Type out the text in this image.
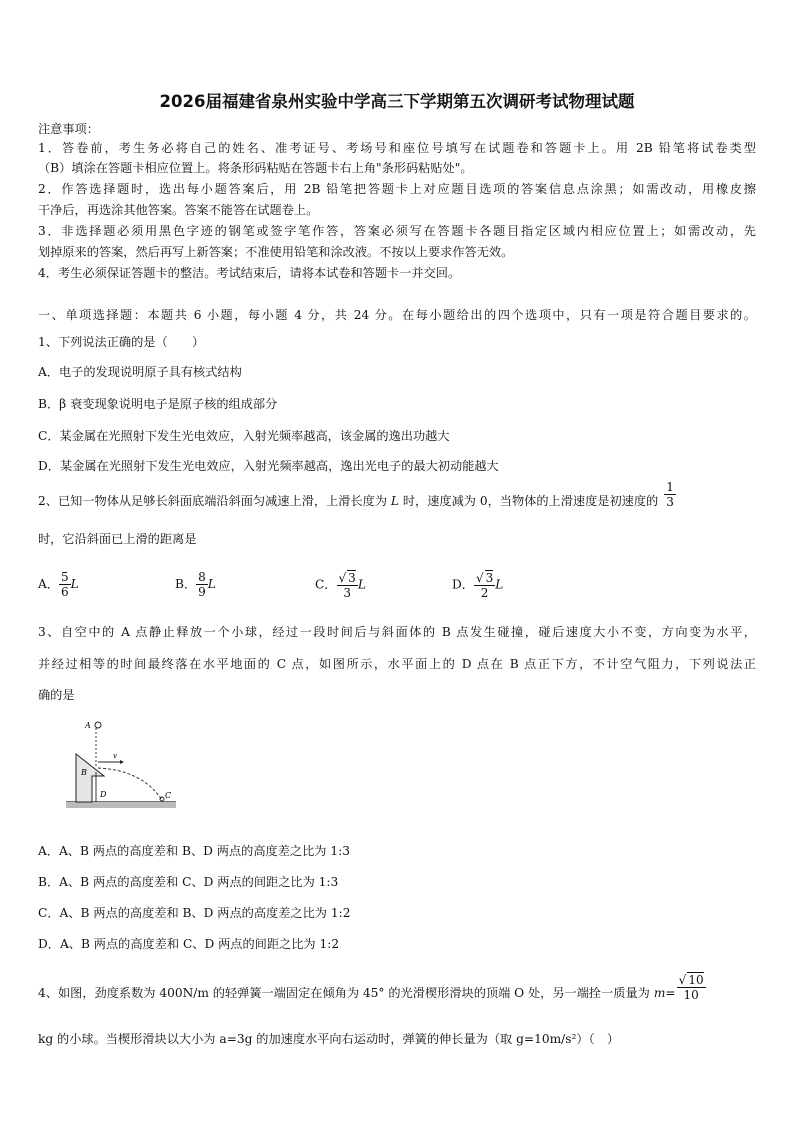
2026届福建省泉州实验中学高三下学期第五次调研考试物理试题
注意事项：
1．答卷前，考生务必将自己的姓名、准考证号、考场号和座位号填写在试题卷和答题卡上。用 2B 铅笔将试卷类型
（B）填涂在答题卡相应位置上。将条形码粘贴在答题卡右上角"条形码粘贴处"。
2．作答选择题时，选出每小题答案后，用 2B 铅笔把答题卡上对应题目选项的答案信息点涂黑；如需改动，用橡皮擦
干净后，再选涂其他答案。答案不能答在试题卷上。
3．非选择题必须用黑色字迹的钢笔或签字笔作答，答案必须写在答题卡各题目指定区域内相应位置上；如需改动，先
划掉原来的答案，然后再写上新答案；不准使用铅笔和涂改液。不按以上要求作答无效。
4．考生必须保证答题卡的整洁。考试结束后，请将本试卷和答题卡一并交回。
一、单项选择题：本题共 6 小题，每小题 4 分，共 24 分。在每小题给出的四个选项中，只有一项是符合题目要求的。
1、下列说法正确的是（　　）
A．电子的发现说明原子具有核式结构
B．β 衰变现象说明电子是原子核的组成部分
C．某金属在光照射下发生光电效应，入射光频率越高，该金属的逸出功越大
D．某金属在光照射下发生光电效应，入射光频率越高，逸出光电子的最大初动能越大
2、已知一物体从足够长斜面底端沿斜面匀减速上滑，上滑长度为 L 时，速度减为 0，当物体的上滑速度是初速度的 $\frac{1}{3}$
时，它沿斜面已上滑的距离是
A． $\frac{5}{6}$ L	B． $\frac{8}{9}$ L	C． $\frac{√ 3}{3}$ L	D． $\frac{√ 3}{2}$ L
3、自空中的 A 点静止释放一个小球，经过一段时间后与斜面体的 B 点发生碰撞，碰后速度大小不变，方向变为水平，
并经过相等的时间最终落在水平地面的 C 点，如图所示，水平面上的 D 点在 B 点正下方，不计空气阻力，下列说法正
确的是
A
B
D
v
C
A．A、B 两点的高度差和 B、D 两点的高度差之比为 1:3
B．A、B 两点的高度差和 C、D 两点的间距之比为 1:3
C．A、B 两点的高度差和 B、D 两点的高度差之比为 1:2
D．A、B 两点的高度差和 C、D 两点的间距之比为 1:2
4、如图，劲度系数为 400N/m 的轻弹簧一端固定在倾角为 45° 的光滑楔形滑块的顶端 O 处，另一端拴一质量为 $m= \frac{√ 10}{10}$
kg 的小球。当楔形滑块以大小为 a=3g 的加速度水平向右运动时，弹簧的伸长量为（取 g=10m/s²）（　）
